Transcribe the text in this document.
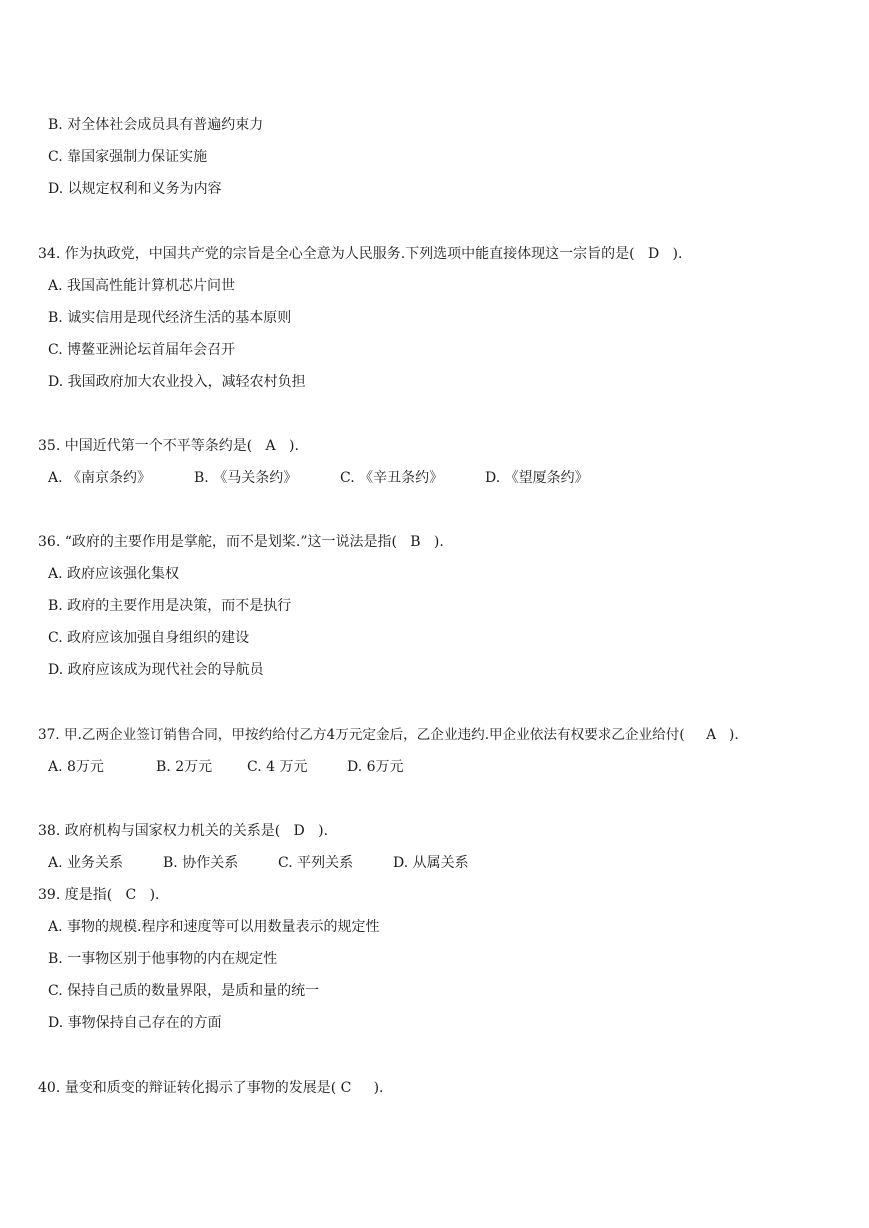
B. 对全体社会成员具有普遍约束力
C. 靠国家强制力保证实施
D. 以规定权利和义务为内容
34. 作为执政党，中国共产党的宗旨是全心全意为人民服务.下列选项中能直接体现这一宗旨的是(   D   ).
A. 我国高性能计算机芯片问世
B. 诚实信用是现代经济生活的基本原则
C. 博鳌亚洲论坛首届年会召开
D. 我国政府加大农业投入，减轻农村负担
35. 中国近代第一个不平等条约是(   A   ).
A. 《南京条约》	B. 《马关条约》	C. 《辛丑条约》	D. 《望厦条约》
36. “政府的主要作用是掌舵，而不是划桨.”这一说法是指(   B   ).
A. 政府应该强化集权
B. 政府的主要作用是决策，而不是执行
C. 政府应该加强自身组织的建设
D. 政府应该成为现代社会的导航员
37. 甲.乙两企业签订销售合同，甲按约给付乙方4万元定金后，乙企业违约.甲企业依法有权要求乙企业给付(     A   ).
A. 8万元	B. 2万元 C. 4 万元	D. 6万元
38. 政府机构与国家权力机关的关系是(   D   ).
A. 业务关系	B. 协作关系	C. 平列关系	D. 从属关系
39. 度是指(   C   ).
A. 事物的规模.程序和速度等可以用数量表示的规定性
B. 一事物区别于他事物的内在规定性
C. 保持自己质的数量界限，是质和量的统一
D. 事物保持自己存在的方面
40. 量变和质变的辩证转化揭示了事物的发展是( C     ).
